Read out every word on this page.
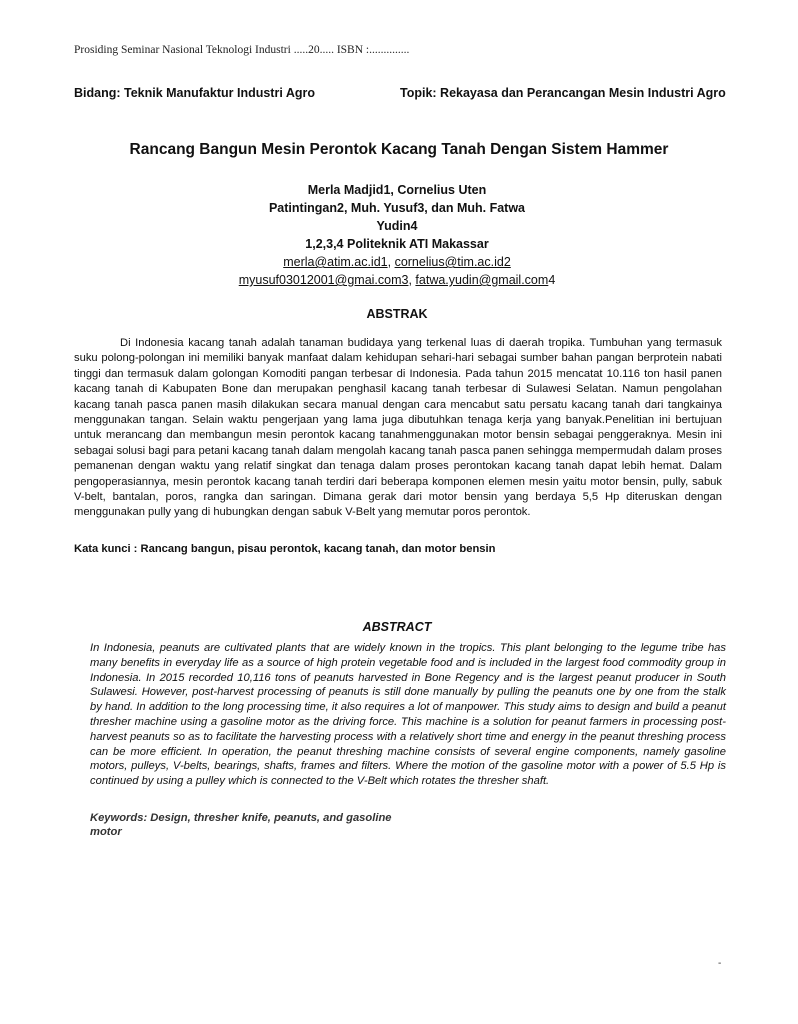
Prosiding Seminar Nasional Teknologi Industri .....20..... ISBN :..............
Bidang: Teknik Manufaktur Industri Agro	Topik: Rekayasa dan Perancangan Mesin Industri Agro
Rancang Bangun Mesin Perontok Kacang Tanah Dengan Sistem Hammer
Merla Madjid1, Cornelius Uten
Patintingan2, Muh. Yusuf3, dan Muh. Fatwa
Yudin4
1,2,3,4 Politeknik ATI Makassar
merla@atim.ac.id1, cornelius@tim.ac.id2
myusuf03012001@gmai.com3, fatwa.yudin@gmail.com4
ABSTRAK

Di Indonesia kacang tanah adalah tanaman budidaya yang terkenal luas di daerah tropika. Tumbuhan yang termasuk suku polong-polongan ini memiliki banyak manfaat dalam kehidupan sehari-hari sebagai sumber bahan pangan berprotein nabati tinggi dan termasuk dalam golongan Komoditi pangan terbesar di Indonesia. Pada tahun 2015 mencatat 10.116 ton hasil panen kacang tanah di Kabupaten Bone dan merupakan penghasil kacang tanah terbesar di Sulawesi Selatan. Namun pengolahan kacang tanah pasca panen masih dilakukan secara manual dengan cara mencabut satu persatu kacang tanah dari tangkainya menggunakan tangan. Selain waktu pengerjaan yang lama juga dibutuhkan tenaga kerja yang banyak.Penelitian ini bertujuan untuk merancang dan membangun mesin perontok kacang tanahmenggunakan motor bensin sebagai penggeraknya. Mesin ini sebagai solusi bagi para petani kacang tanah dalam mengolah kacang tanah pasca panen sehingga mempermudah dalam proses pemanenan dengan waktu yang relatif singkat dan tenaga dalam proses perontokan kacang tanah dapat lebih hemat. Dalam pengoperasiannya, mesin perontok kacang tanah terdiri dari beberapa komponen elemen mesin yaitu motor bensin, pully, sabuk V-belt, bantalan, poros, rangka dan saringan. Dimana gerak dari motor bensin yang berdaya 5,5 Hp diteruskan dengan menggunakan pully yang di hubungkan dengan sabuk V-Belt yang memutar poros perontok.

Kata kunci : Rancang bangun, pisau perontok, kacang tanah, dan motor bensin
ABSTRACT

In Indonesia, peanuts are cultivated plants that are widely known in the tropics. This plant belonging to the legume tribe has many benefits in everyday life as a source of high protein vegetable food and is included in the largest food commodity group in Indonesia. In 2015 recorded 10,116 tons of peanuts harvested in Bone Regency and is the largest peanut producer in South Sulawesi. However, post-harvest processing of peanuts is still done manually by pulling the peanuts one by one from the stalk by hand. In addition to the long processing time, it also requires a lot of manpower. This study aims to design and build a peanut thresher machine using a gasoline motor as the driving force. This machine is a solution for peanut farmers in processing post-harvest peanuts so as to facilitate the harvesting process with a relatively short time and energy in the peanut threshing process can be more efficient. In operation, the peanut threshing machine consists of several engine components, namely gasoline motors, pulleys, V-belts, bearings, shafts, frames and filters. Where the motion of the gasoline motor with a power of 5.5 Hp is continued by using a pulley which is connected to the V-Belt which rotates the thresher shaft.

Keywords: Design, thresher knife, peanuts, and gasoline motor
-
